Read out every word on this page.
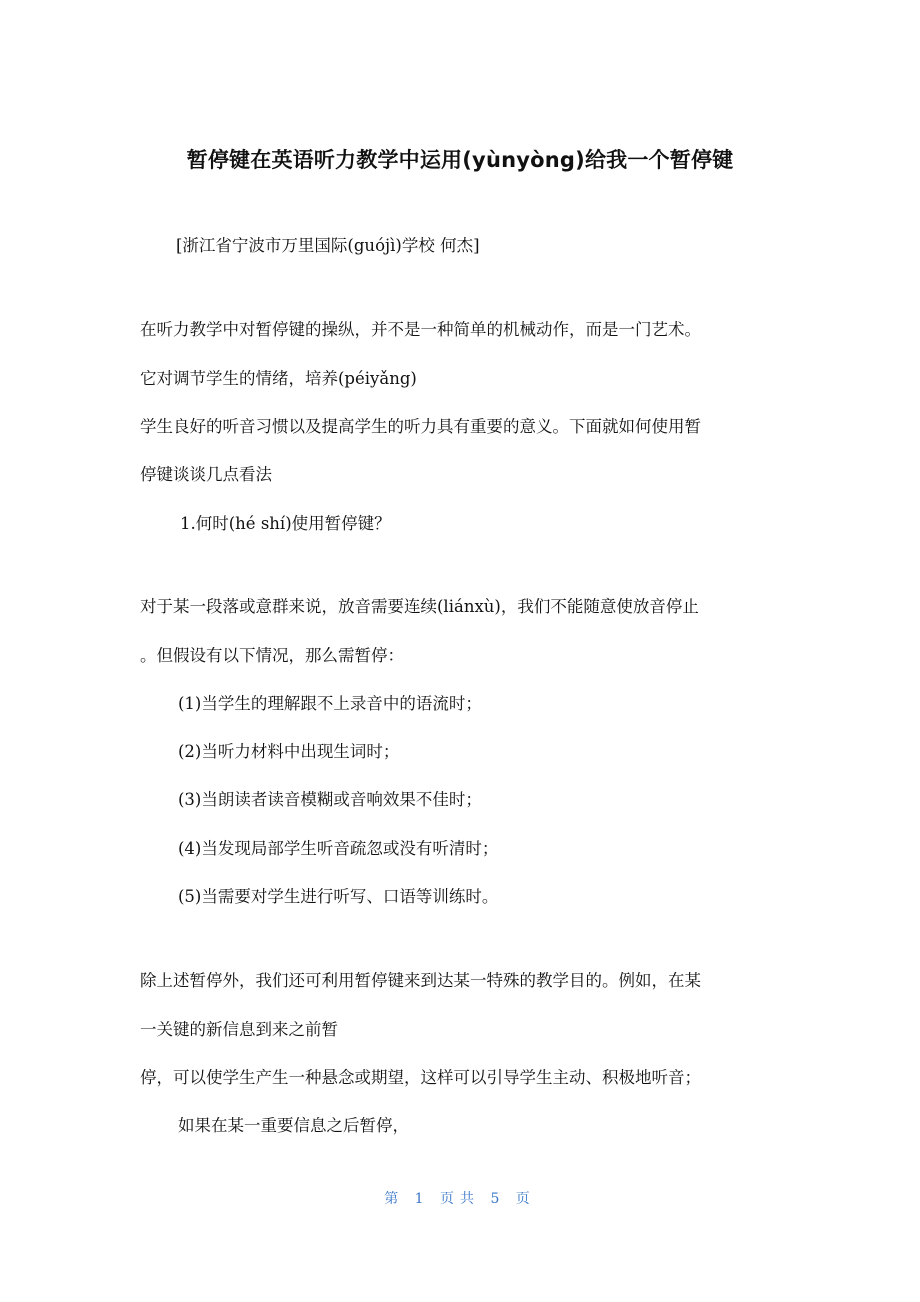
暂停键在英语听力教学中运用(yùnyòng)给我一个暂停键
[浙江省宁波市万里国际(guójì)学校 何杰]
在听力教学中对暂停键的操纵，并不是一种简单的机械动作，而是一门艺术。
它对调节学生的情绪，培养(péiyǎng)
学生良好的听音习惯以及提高学生的听力具有重要的意义。下面就如何使用暂
停键谈谈几点看法
1.何时(hé shí)使用暂停键？
对于某一段落或意群来说，放音需要连续(liánxù)，我们不能随意使放音停止
。但假设有以下情况，那么需暂停：
(1)当学生的理解跟不上录音中的语流时；
(2)当听力材料中出现生词时；
(3)当朗读者读音模糊或音响效果不佳时；
(4)当发现局部学生听音疏忽或没有听清时；
(5)当需要对学生进行听写、口语等训练时。
除上述暂停外，我们还可利用暂停键来到达某一特殊的教学目的。例如，在某
一关键的新信息到来之前暂
停，可以使学生产生一种悬念或期望，这样可以引导学生主动、积极地听音；
如果在某一重要信息之后暂停，
第 1 页共 5 页
